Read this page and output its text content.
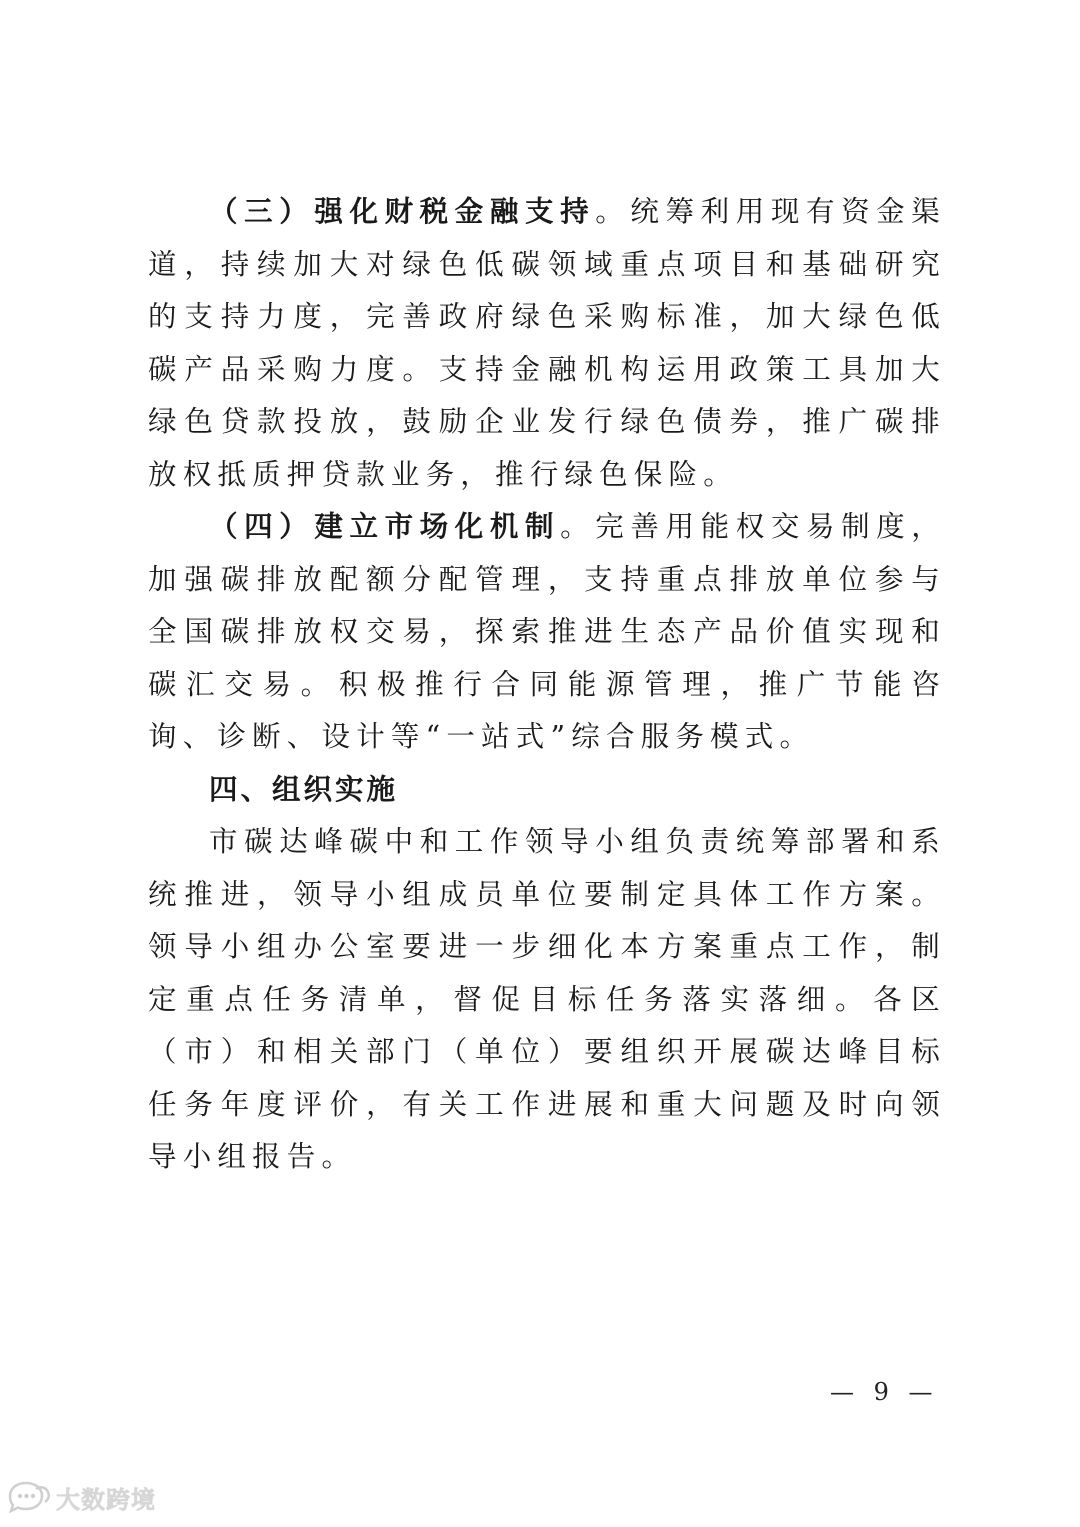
（三）强化财税金融支持。统筹利用现有资金渠道，持续加大对绿色低碳领域重点项目和基础研究的支持力度，完善政府绿色采购标准，加大绿色低碳产品采购力度。支持金融机构运用政策工具加大绿色贷款投放，鼓励企业发行绿色债券，推广碳排放权抵质押贷款业务，推行绿色保险。

（四）建立市场化机制。完善用能权交易制度，加强碳排放配额分配管理，支持重点排放单位参与全国碳排放权交易，探索推进生态产品价值实现和碳汇交易。积极推行合同能源管理，推广节能咨询、诊断、设计等“一站式”综合服务模式。

四、组织实施

市碳达峰碳中和工作领导小组负责统筹部署和系统推进，领导小组成员单位要制定具体工作方案。领导小组办公室要进一步细化本方案重点工作，制定重点任务清单，督促目标任务落实落细。各区（市）和相关部门（单位）要组织开展碳达峰目标任务年度评价，有关工作进展和重大问题及时向领导小组报告。

— 9 —
大数跨境
